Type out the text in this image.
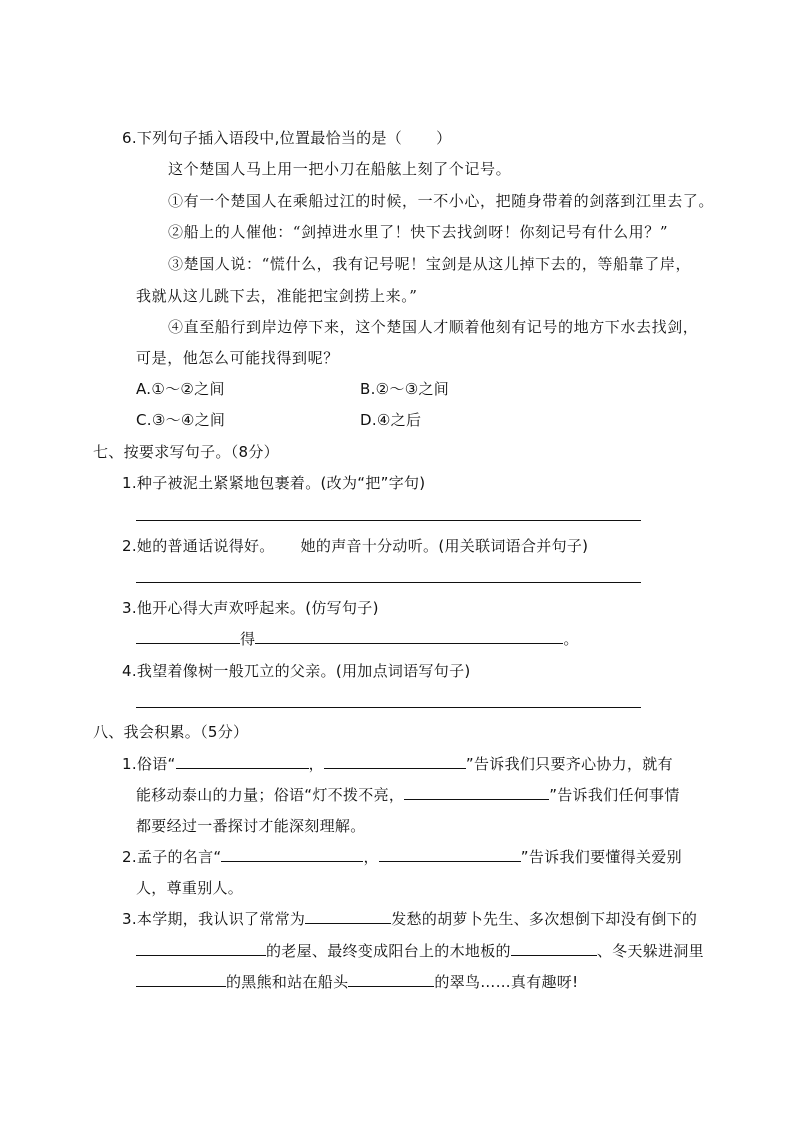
6.下列句子插入语段中,位置最恰当的是（ ）
这个楚国人马上用一把小刀在船舷上刻了个记号。
①有一个楚国人在乘船过江的时候，一不小心，把随身带着的剑落到江里去了。
②船上的人催他：“剑掉进水里了！快下去找剑呀！你刻记号有什么用？”
③楚国人说：“慌什么，我有记号呢！宝剑是从这儿掉下去的，等船靠了岸，
我就从这儿跳下去，准能把宝剑捞上来。”
④直至船行到岸边停下来，这个楚国人才顺着他刻有记号的地方下水去找剑，
可是，他怎么可能找得到呢？
A.①～②之间	B.②～③之间
C.③～④之间	D.④之后
七、按要求写句子。（8分）
1.种子被泥土紧紧地包裹着。(改为“把”字句)
2.她的普通话说得好。 她的声音十分动听。(用关联词语合并句子)
3.他开心得大声欢呼起来。(仿写句子)
得	。
4.我望着像树一般兀立的父亲。(用加点词语写句子)
八、我会积累。（5分）
1.俗语“	，	”告诉我们只要齐心协力，就有
能移动泰山的力量；俗语“灯不拨不亮，	”告诉我们任何事情
都要经过一番探讨才能深刻理解。
2.孟子的名言“	，	”告诉我们要懂得关爱别
人，尊重别人。
3.本学期，我认识了常常为	发愁的胡萝卜先生、多次想倒下却没有倒下的
的老屋、最终变成阳台上的木地板的	、冬天躲进洞里
的黑熊和站在船头	的翠鸟……真有趣呀!
